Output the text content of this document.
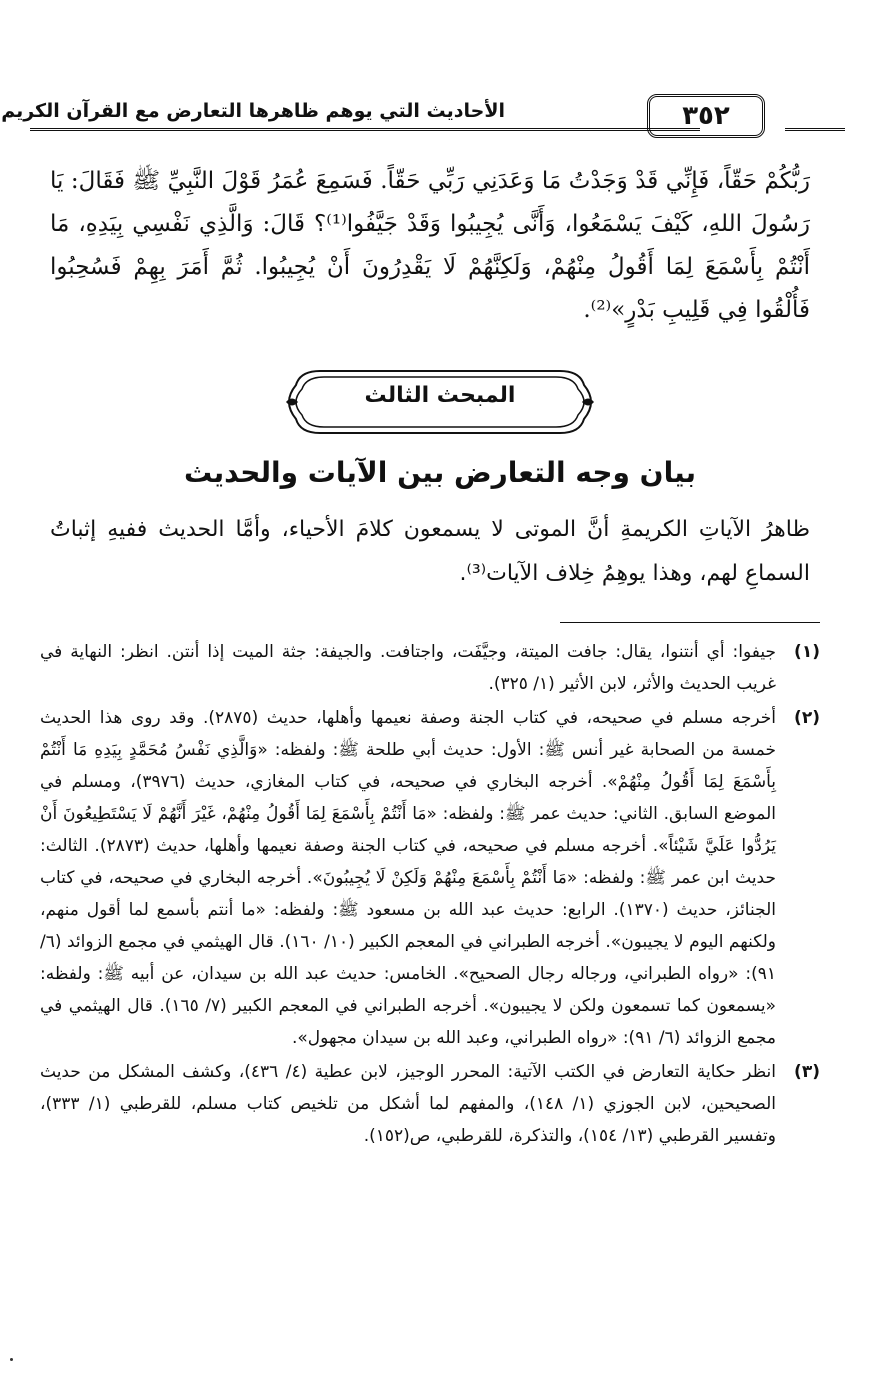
الأحاديث التي يوهم ظاهرها التعارض مع القرآن الكريم	٣٥٢

رَبُّكُمْ حَقّاً، فَإِنِّي قَدْ وَجَدْتُ مَا وَعَدَنِي رَبِّي حَقّاً. فَسَمِعَ عُمَرُ قَوْلَ النَّبِيِّ ﷺ فَقَالَ: يَا رَسُولَ اللهِ، كَيْفَ يَسْمَعُوا، وَأَنَّى يُجِيبُوا وَقَدْ جَيَّفُوا⁽¹⁾؟ قَالَ: وَالَّذِي نَفْسِي بِيَدِهِ، مَا أَنْتُمْ بِأَسْمَعَ لِمَا أَقُولُ مِنْهُمْ، وَلَكِنَّهُمْ لَا يَقْدِرُونَ أَنْ يُجِيبُوا. ثُمَّ أَمَرَ بِهِمْ فَسُحِبُوا فَأُلْقُوا فِي قَلِيبِ بَدْرٍ»⁽²⁾.

المبحث الثالث
بيان وجه التعارض بين الآيات والحديث
ظاهرُ الآياتِ الكريمةِ أنَّ الموتى لا يسمعون كلامَ الأحياء، وأمَّا الحديث ففيهِ إثباتُ السماعِ لهم، وهذا يوهِمُ خِلاف الآيات⁽³⁾.
(١)
جيفوا: أي أنتنوا، يقال: جافت الميتة، وجيَّفَت، واجتافت. والجيفة: جثة الميت إذا أنتن. انظر: النهاية في غريب الحديث والأثر، لابن الأثير (١/ ٣٢٥).
(٢)
أخرجه مسلم في صحيحه، في كتاب الجنة وصفة نعيمها وأهلها، حديث (٢٨٧٥). وقد روى هذا الحديث خمسة من الصحابة غير أنس ﷺ: الأول: حديث أبي طلحة ﷺ: ولفظه: «وَالَّذِي نَفْسُ مُحَمَّدٍ بِيَدِهِ مَا أَنْتُمْ بِأَسْمَعَ لِمَا أَقُولُ مِنْهُمْ». أخرجه البخاري في صحيحه، في كتاب المغازي، حديث (٣٩٧٦)، ومسلم في الموضع السابق. الثاني: حديث عمر ﷺ: ولفظه: «مَا أَنْتُمْ بِأَسْمَعَ لِمَا أَقُولُ مِنْهُمْ، غَيْرَ أَنَّهُمْ لَا يَسْتَطِيعُونَ أَنْ يَرُدُّوا عَلَيَّ شَيْئاً». أخرجه مسلم في صحيحه، في كتاب الجنة وصفة نعيمها وأهلها، حديث (٢٨٧٣). الثالث: حديث ابن عمر ﷺ: ولفظه: «مَا أَنْتُمْ بِأَسْمَعَ مِنْهُمْ وَلَكِنْ لَا يُجِيبُونَ». أخرجه البخاري في صحيحه، في كتاب الجنائز، حديث (١٣٧٠). الرابع: حديث عبد الله بن مسعود ﷺ: ولفظه: «ما أنتم بأسمع لما أقول منهم، ولكنهم اليوم لا يجيبون». أخرجه الطبراني في المعجم الكبير (١٠/ ١٦٠). قال الهيثمي في مجمع الزوائد (٦/ ٩١): «رواه الطبراني، ورجاله رجال الصحيح». الخامس: حديث عبد الله بن سيدان، عن أبيه ﷺ: ولفظه: «يسمعون كما تسمعون ولكن لا يجيبون». أخرجه الطبراني في المعجم الكبير (٧/ ١٦٥). قال الهيثمي في مجمع الزوائد (٦/ ٩١): «رواه الطبراني، وعبد الله بن سيدان مجهول».
(٣)
انظر حكاية التعارض في الكتب الآتية: المحرر الوجيز، لابن عطية (٤/ ٤٣٦)، وكشف المشكل من حديث الصحيحين، لابن الجوزي (١/ ١٤٨)، والمفهم لما أشكل من تلخيص كتاب مسلم، للقرطبي (١/ ٣٣٣)، وتفسير القرطبي (١٣/ ١٥٤)، والتذكرة، للقرطبي، ص(١٥٢).
